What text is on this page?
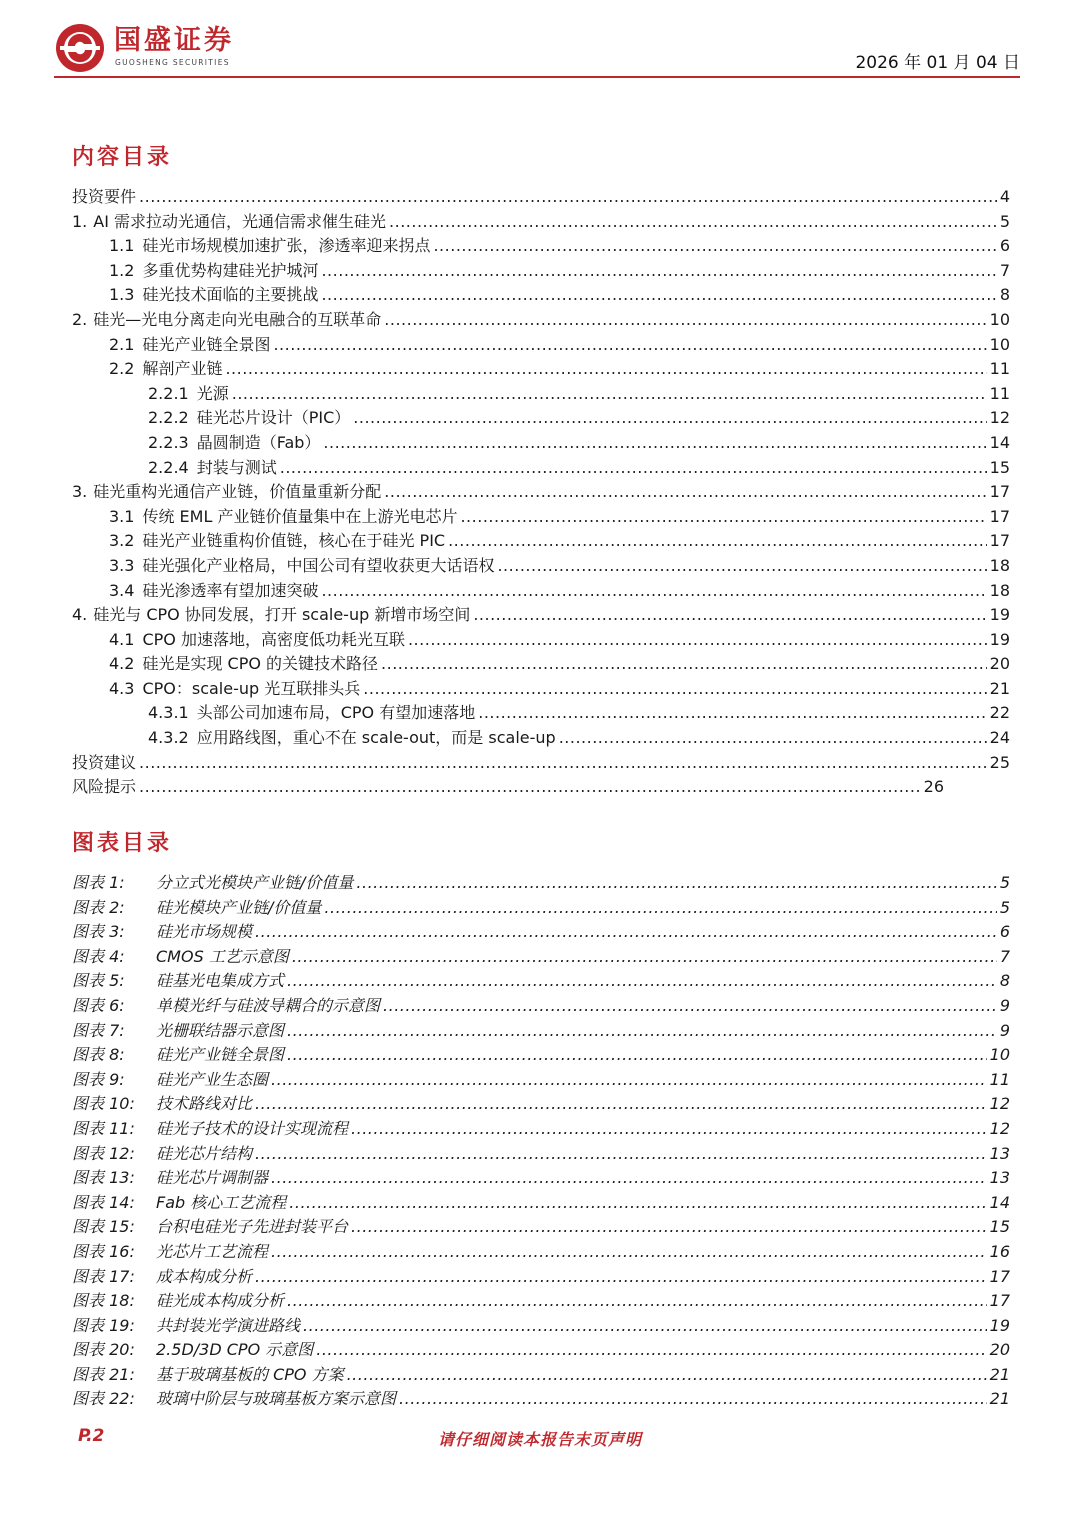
国盛证券
GUOSHENG SECURITIES	2026 年 01 月 04 日
内容目录
投资要件 .....	4
1. AI 需求拉动光通信，光通信需求催生硅光 .....	5
1.1 硅光市场规模加速扩张，渗透率迎来拐点 .....	6
1.2 多重优势构建硅光护城河 .....	7
1.3 硅光技术面临的主要挑战 .....	8
2. 硅光—光电分离走向光电融合的互联革命 .....	10
2.1 硅光产业链全景图 .....	10
2.2 解剖产业链 .....	11
2.2.1 光源 .....	11
2.2.2 硅光芯片设计（PIC） .....	12
2.2.3 晶圆制造（Fab） .....	14
2.2.4 封装与测试 .....	15
3. 硅光重构光通信产业链，价值量重新分配 .....	17
3.1 传统 EML 产业链价值量集中在上游光电芯片 .....	17
3.2 硅光产业链重构价值链，核心在于硅光 PIC .....	17
3.3 硅光强化产业格局，中国公司有望收获更大话语权 .....	18
3.4 硅光渗透率有望加速突破 .....	18
4. 硅光与 CPO 协同发展，打开 scale-up 新增市场空间 .....	19
4.1 CPO 加速落地，高密度低功耗光互联 .....	19
4.2 硅光是实现 CPO 的关键技术路径 .....	20
4.3 CPO：scale-up 光互联排头兵 .....	21
4.3.1 头部公司加速布局，CPO 有望加速落地 .....	22
4.3.2 应用路线图，重心不在 scale-out，而是 scale-up .....	24
投资建议 .....	25
风险提示 .....	26
图表目录
图表 1:	分立式光模块产业链/价值量 .....	5
图表 2:	硅光模块产业链/价值量 .....	5
图表 3:	硅光市场规模 .....	6
图表 4:	CMOS 工艺示意图 .....	7
图表 5:	硅基光电集成方式 .....	8
图表 6:	单模光纤与硅波导耦合的示意图 .....	9
图表 7:	光栅联结器示意图 .....	9
图表 8:	硅光产业链全景图 .....	10
图表 9:	硅光产业生态圈 .....	11
图表 10:	技术路线对比 .....	12
图表 11:	硅光子技术的设计实现流程 .....	12
图表 12:	硅光芯片结构 .....	13
图表 13:	硅光芯片调制器 .....	13
图表 14:	Fab 核心工艺流程 .....	14
图表 15:	台积电硅光子先进封装平台 .....	15
图表 16:	光芯片工艺流程 .....	16
图表 17:	成本构成分析 .....	17
图表 18:	硅光成本构成分析 .....	17
图表 19:	共封装光学演进路线 .....	19
图表 20:	2.5D/3D CPO 示意图 .....	20
图表 21:	基于玻璃基板的 CPO 方案 .....	21
图表 22:	玻璃中阶层与玻璃基板方案示意图 .....	21
P.2	请仔细阅读本报告末页声明
